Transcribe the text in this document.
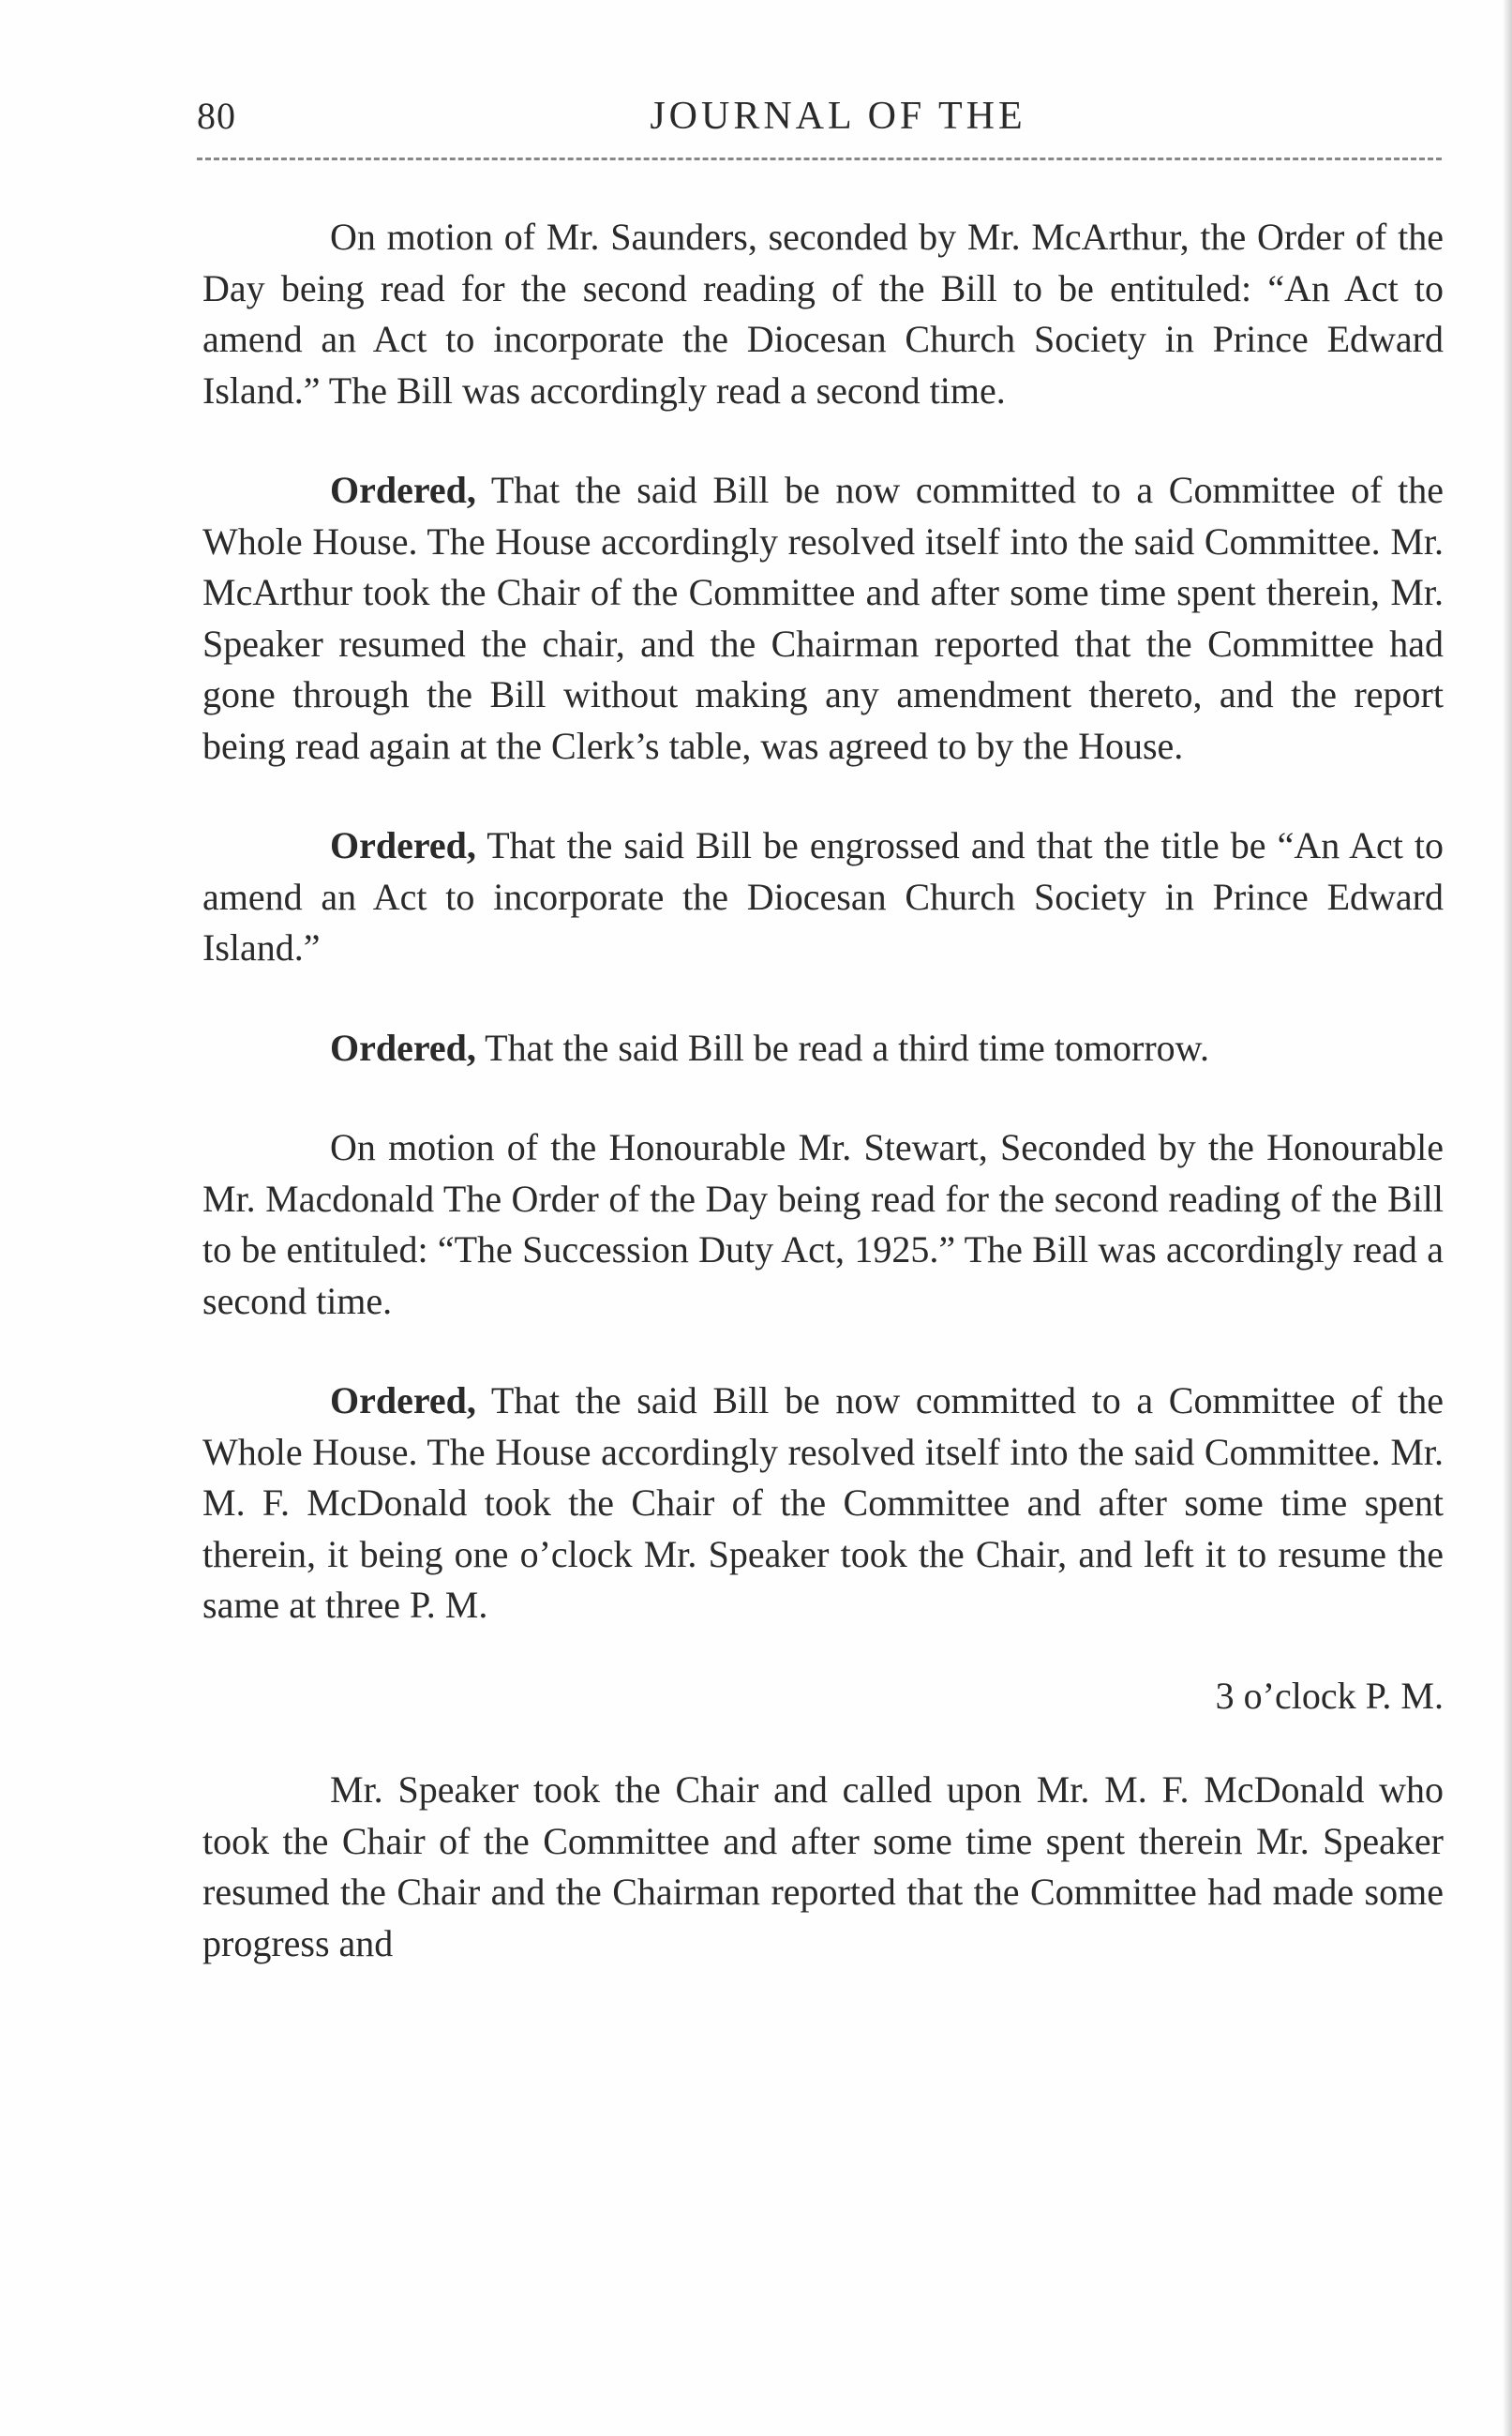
80	JOURNAL OF THE

On motion of Mr. Saunders, seconded by Mr. McArthur, the Order of the Day being read for the second reading of the Bill to be entituled: “An Act to amend an Act to incorporate the Diocesan Church Society in Prince Edward Island.” The Bill was accordingly read a second time.

Ordered, That the said Bill be now committed to a Committee of the Whole House. The House accordingly resolved itself into the said Committee. Mr. McArthur took the Chair of the Committee and after some time spent therein, Mr. Speaker resumed the chair, and the Chairman reported that the Committee had gone through the Bill without making any amendment thereto, and the report being read again at the Clerk’s table, was agreed to by the House.

Ordered, That the said Bill be engrossed and that the title be “An Act to amend an Act to incorporate the Diocesan Church Society in Prince Edward Island.”

Ordered, That the said Bill be read a third time tomorrow.

On motion of the Honourable Mr. Stewart, Seconded by the Honourable Mr. Macdonald The Order of the Day being read for the second reading of the Bill to be entituled: “The Succession Duty Act, 1925.” The Bill was accordingly read a second time.

Ordered, That the said Bill be now committed to a Committee of the Whole House. The House accordingly resolved itself into the said Committee. Mr. M. F. McDonald took the Chair of the Committee and after some time spent therein, it being one o’clock Mr. Speaker took the Chair, and left it to resume the same at three P. M.

3 o’clock P. M.

Mr. Speaker took the Chair and called upon Mr. M. F. McDonald who took the Chair of the Committee and after some time spent therein Mr. Speaker resumed the Chair and the Chairman reported that the Committee had made some progress and
